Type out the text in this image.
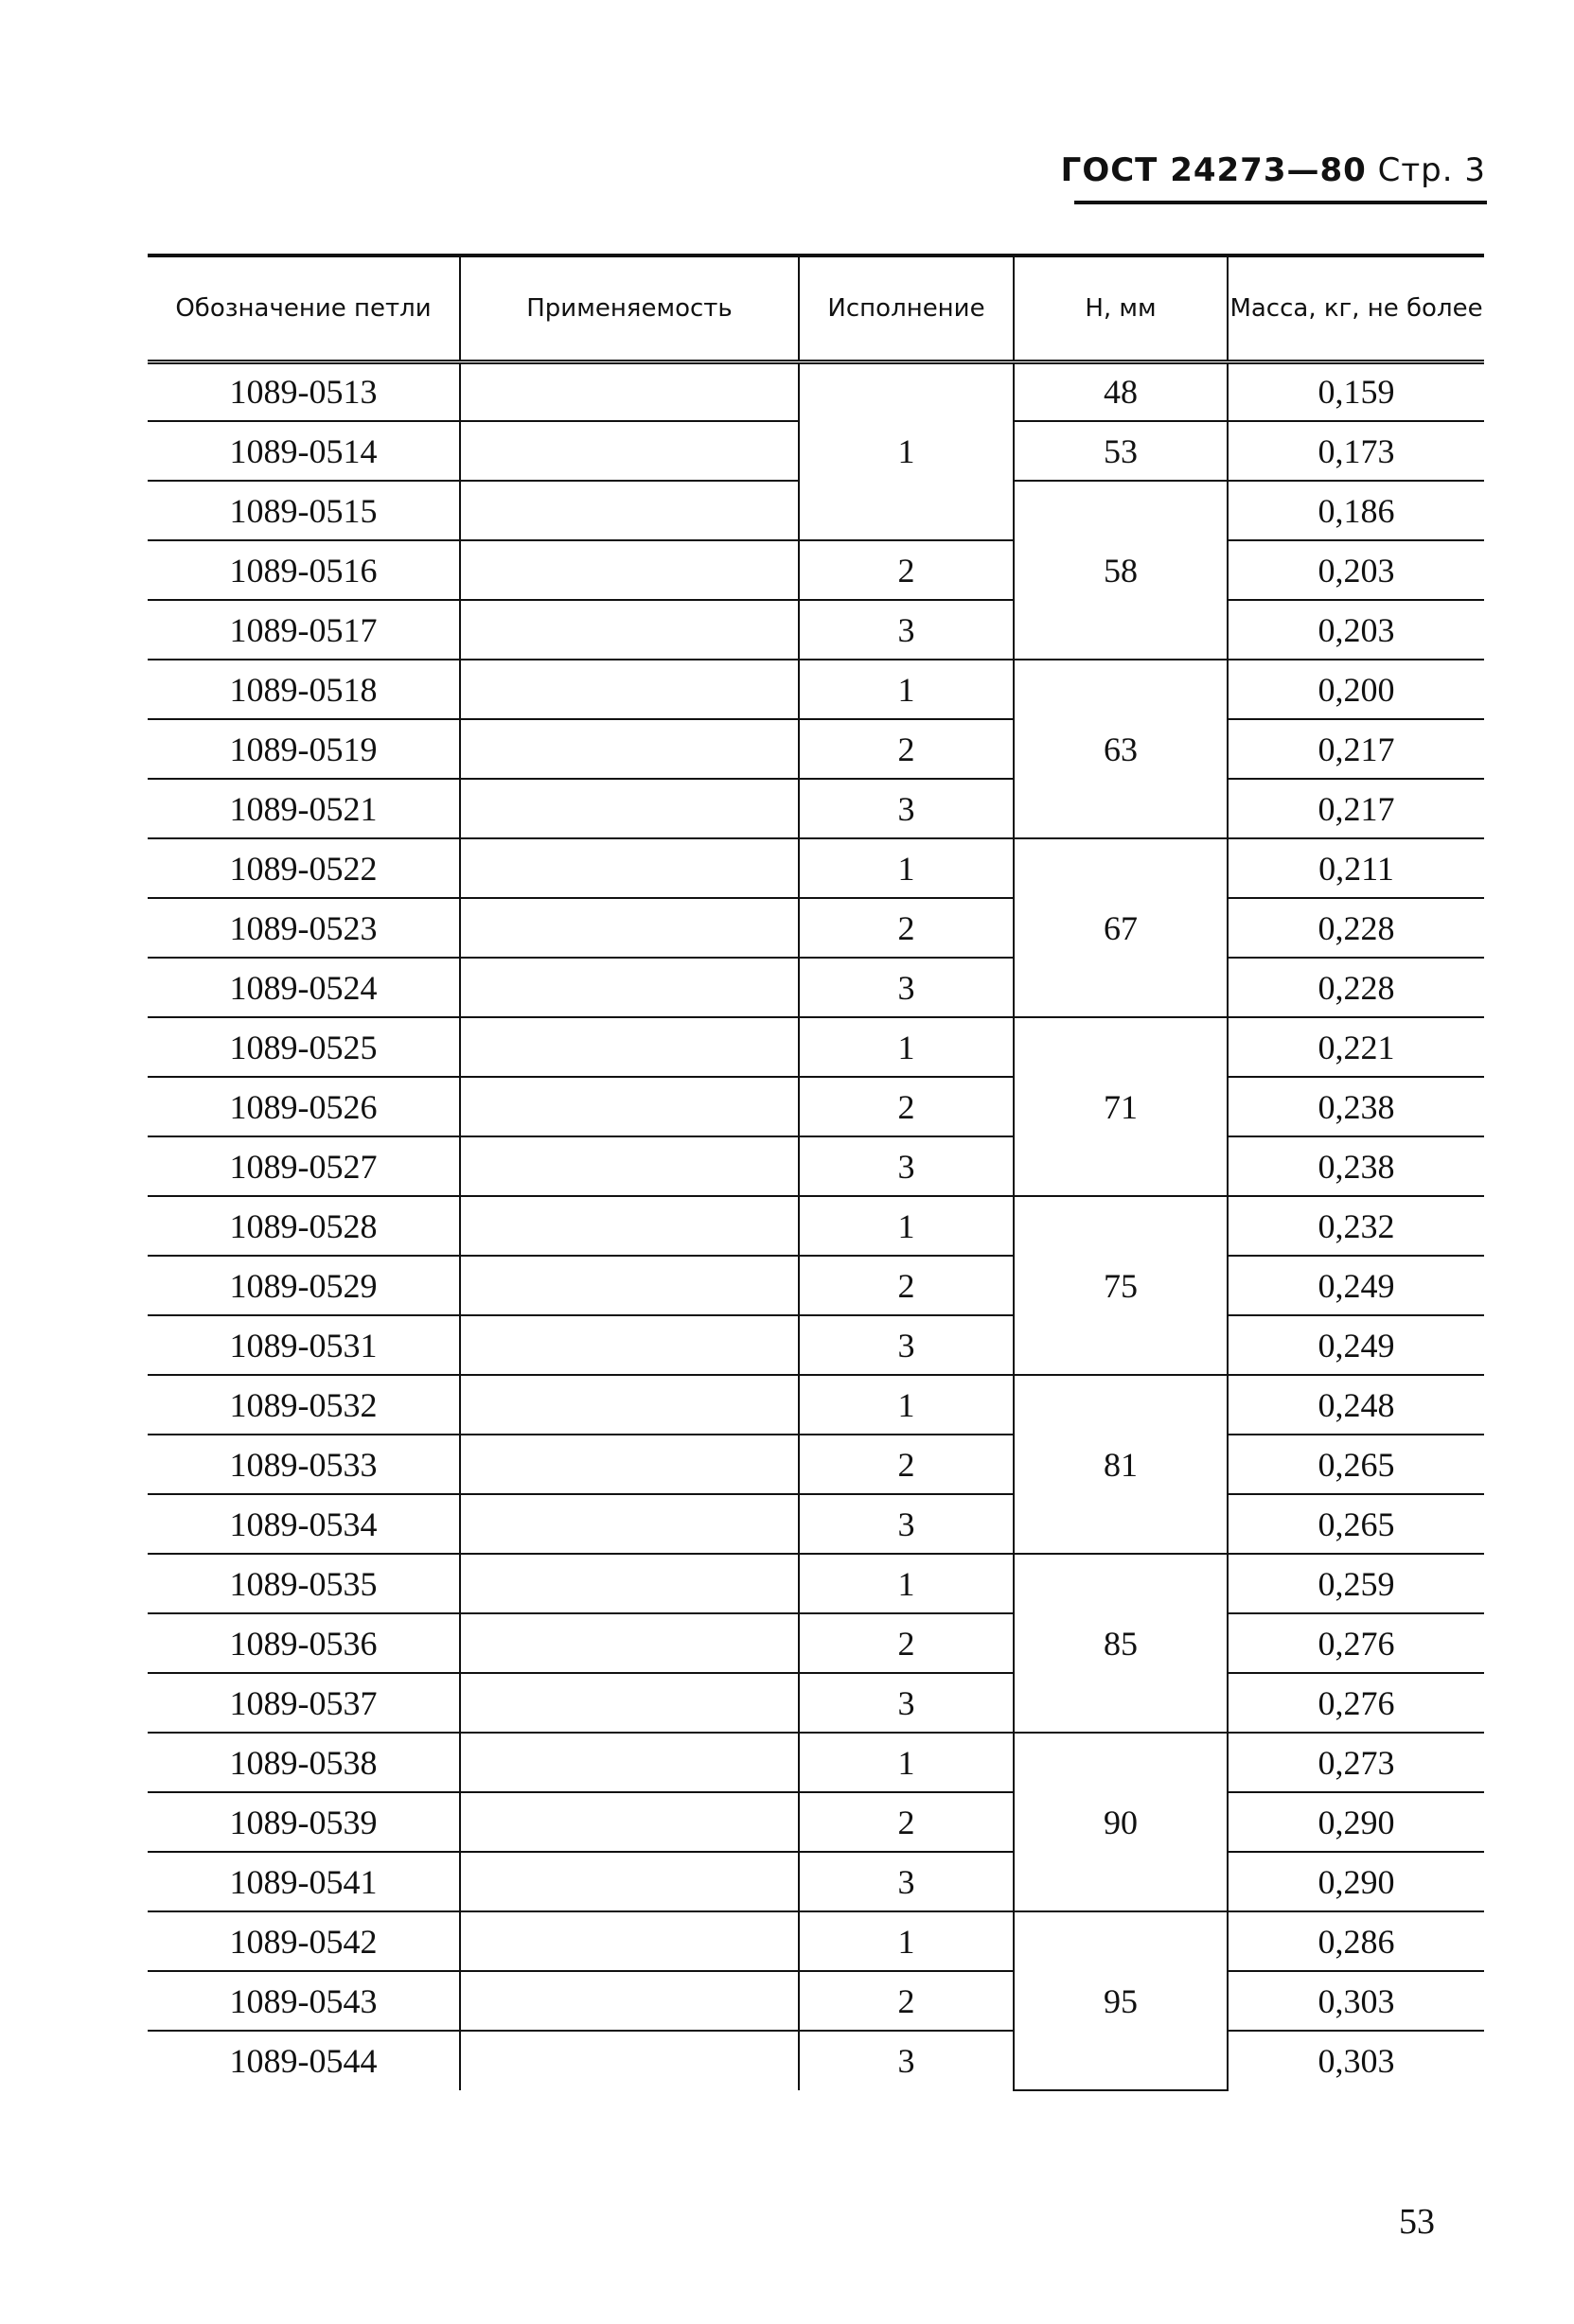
ГОСТ 24273—80 Стр. 3
Обозначение петли	Применяемость	Исполнение	H, мм	Масса, кг, не более
1089-0513		1	48	0,159
1089-0514			53	0,173
1089-0515			58	0,186
1089-0516		2		0,203
1089-0517		3		0,203
1089-0518		1	63	0,200
1089-0519		2		0,217
1089-0521		3		0,217
1089-0522		1	67	0,211
1089-0523		2		0,228
1089-0524		3		0,228
1089-0525		1	71	0,221
1089-0526		2		0,238
1089-0527		3		0,238
1089-0528		1	75	0,232
1089-0529		2		0,249
1089-0531		3		0,249
1089-0532		1	81	0,248
1089-0533		2		0,265
1089-0534		3		0,265
1089-0535		1	85	0,259
1089-0536		2		0,276
1089-0537		3		0,276
1089-0538		1	90	0,273
1089-0539		2		0,290
1089-0541		3		0,290
1089-0542		1	95	0,286
1089-0543		2		0,303
1089-0544		3		0,303
53
